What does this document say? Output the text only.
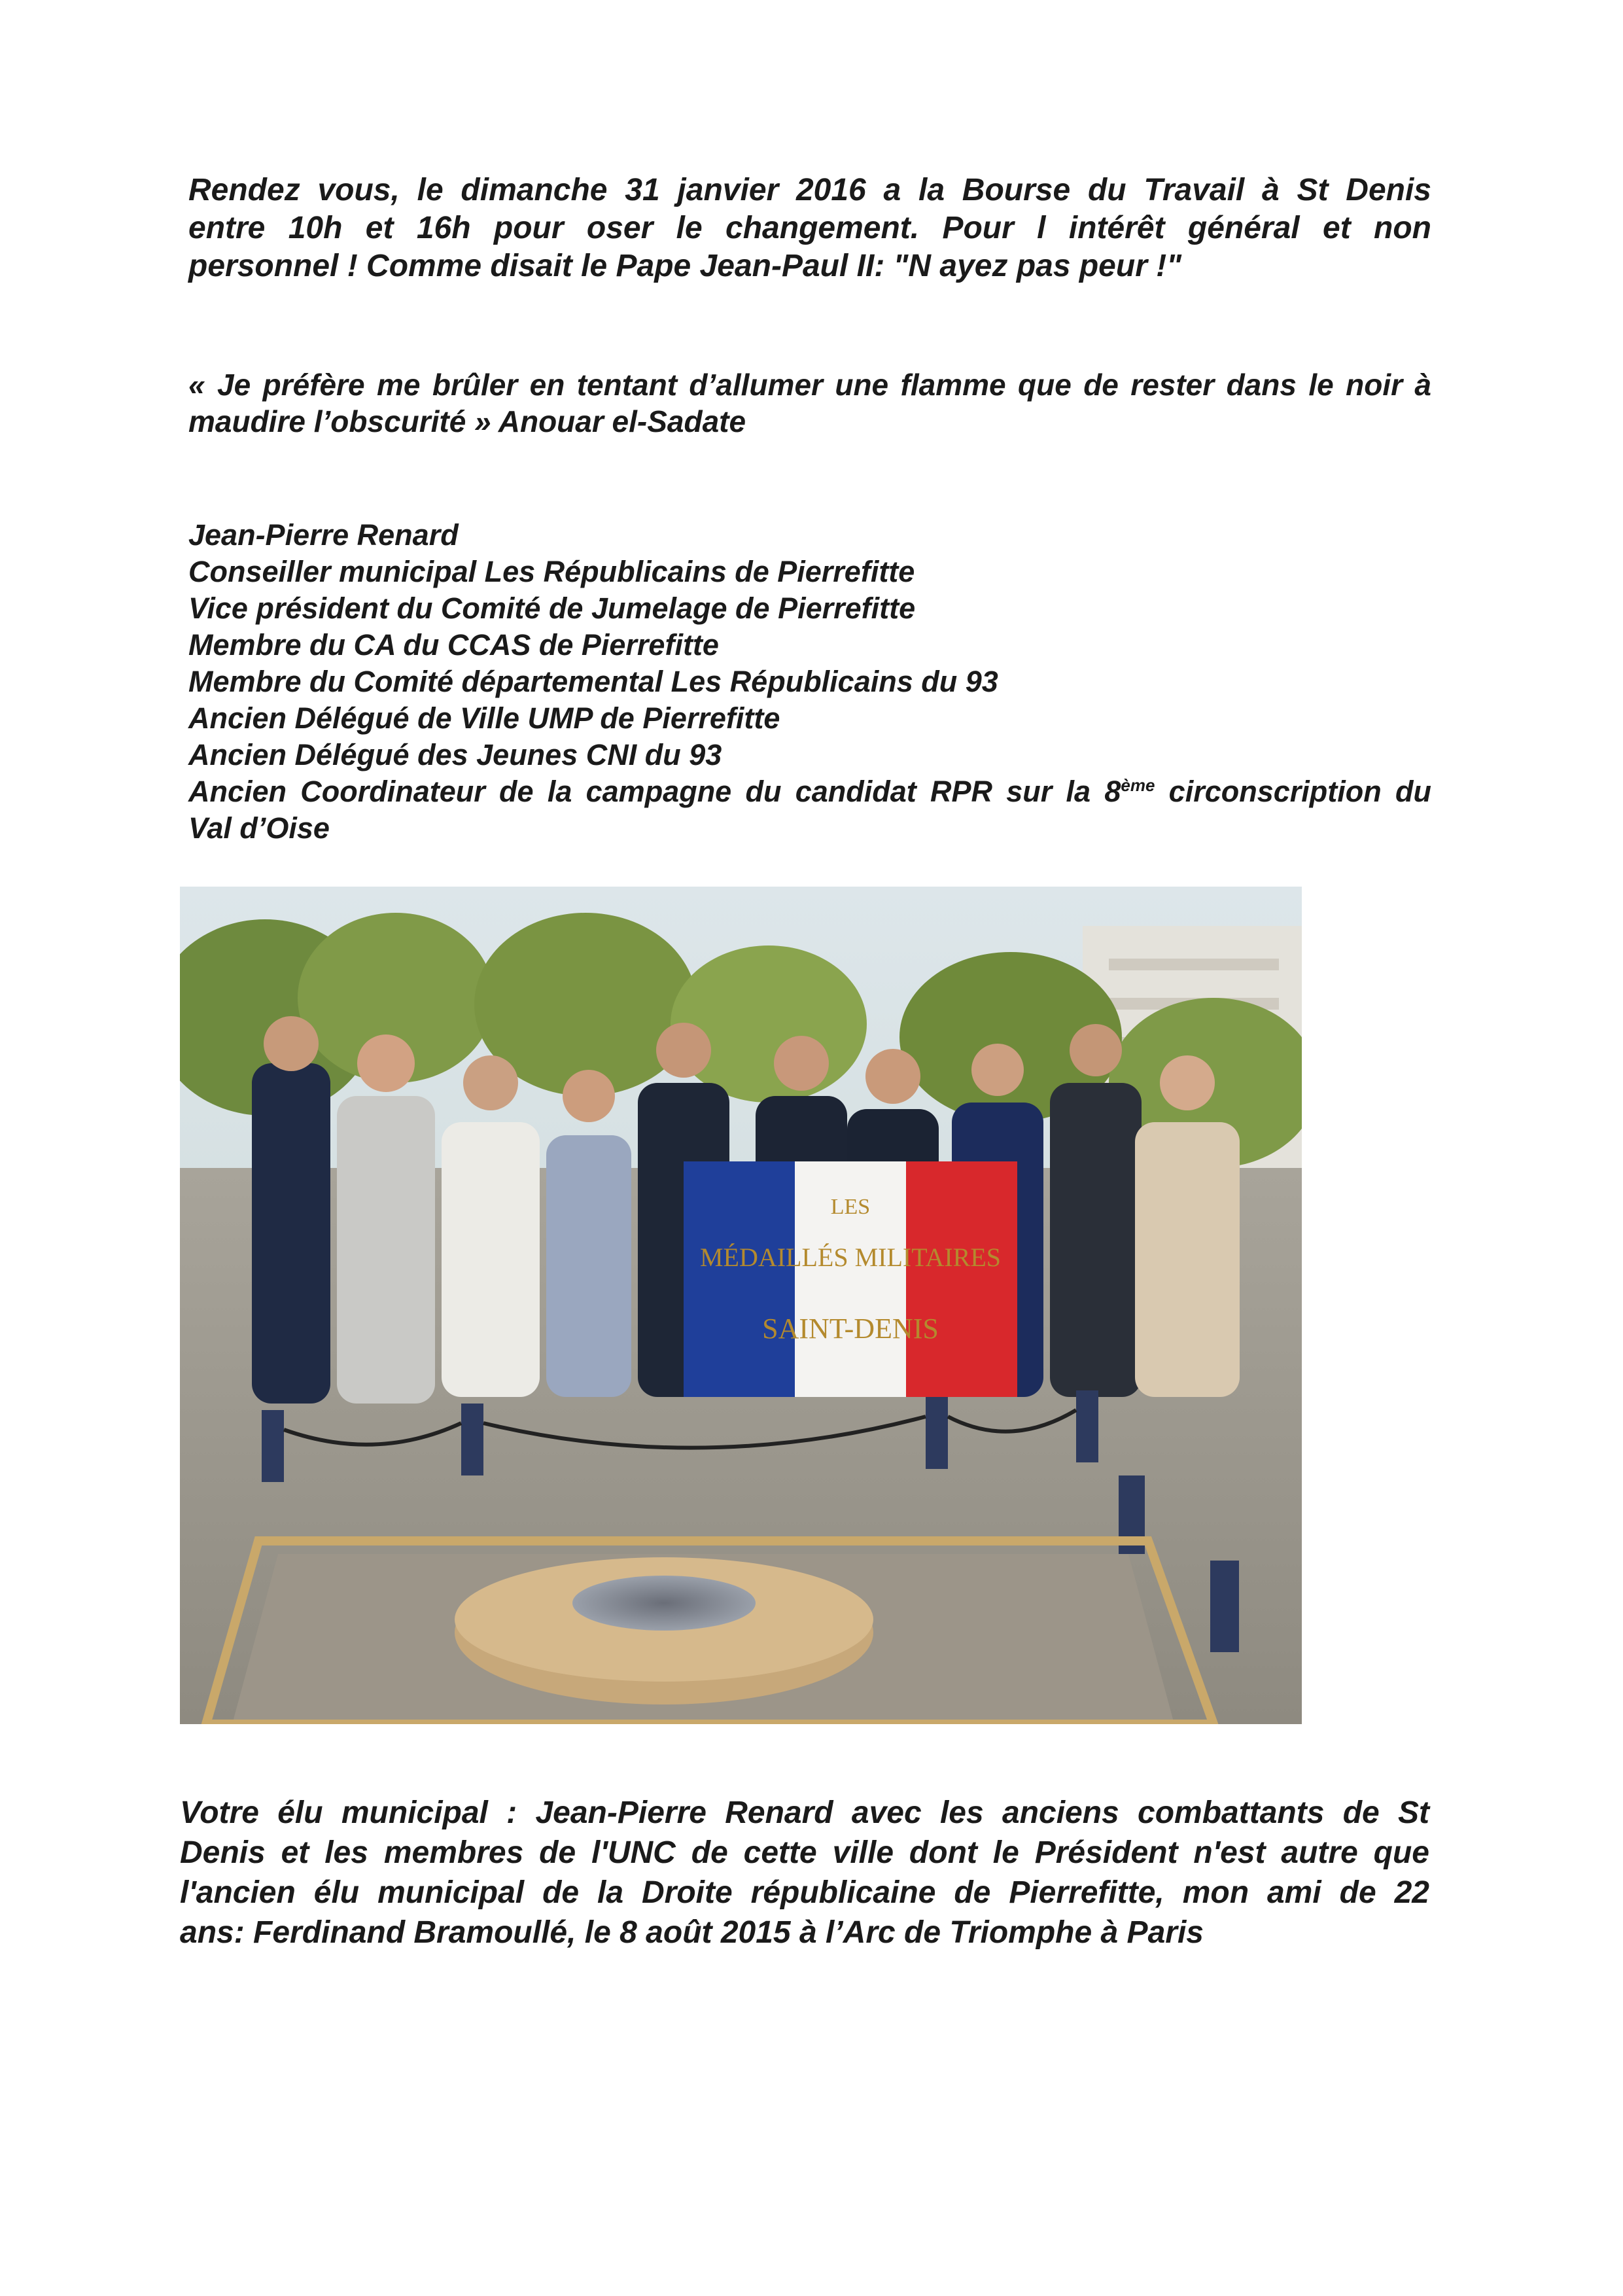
Rendez vous, le dimanche 31 janvier 2016 a la Bourse du Travail à St Denis
entre 10h et 16h pour oser le changement. Pour l intérêt général et non
personnel ! Comme disait le Pape Jean-Paul II: "N ayez pas peur !"
« Je préfère me brûler en tentant d’allumer une flamme que de rester dans le noir à
maudire l’obscurité » Anouar el-Sadate
Jean-Pierre Renard
Conseiller municipal Les Républicains de Pierrefitte
Vice président du Comité de Jumelage de Pierrefitte
Membre du CA du CCAS de Pierrefitte
Membre du Comité départemental Les Républicains du 93
Ancien Délégué de Ville UMP de Pierrefitte
Ancien Délégué des Jeunes CNI du 93
Ancien Coordinateur de la campagne du candidat RPR sur la 8ème circonscription du
Val d’Oise
LES
MÉDAILLÉS MILITAIRES
SAINT-DENIS
Votre élu municipal : Jean-Pierre Renard avec les anciens combattants de St
Denis et les membres de l'UNC de cette ville dont le Président n'est autre que
l'ancien élu municipal de la Droite républicaine de Pierrefitte, mon ami de 22
ans: Ferdinand Bramoullé, le 8 août 2015 à l’Arc de Triomphe à Paris
